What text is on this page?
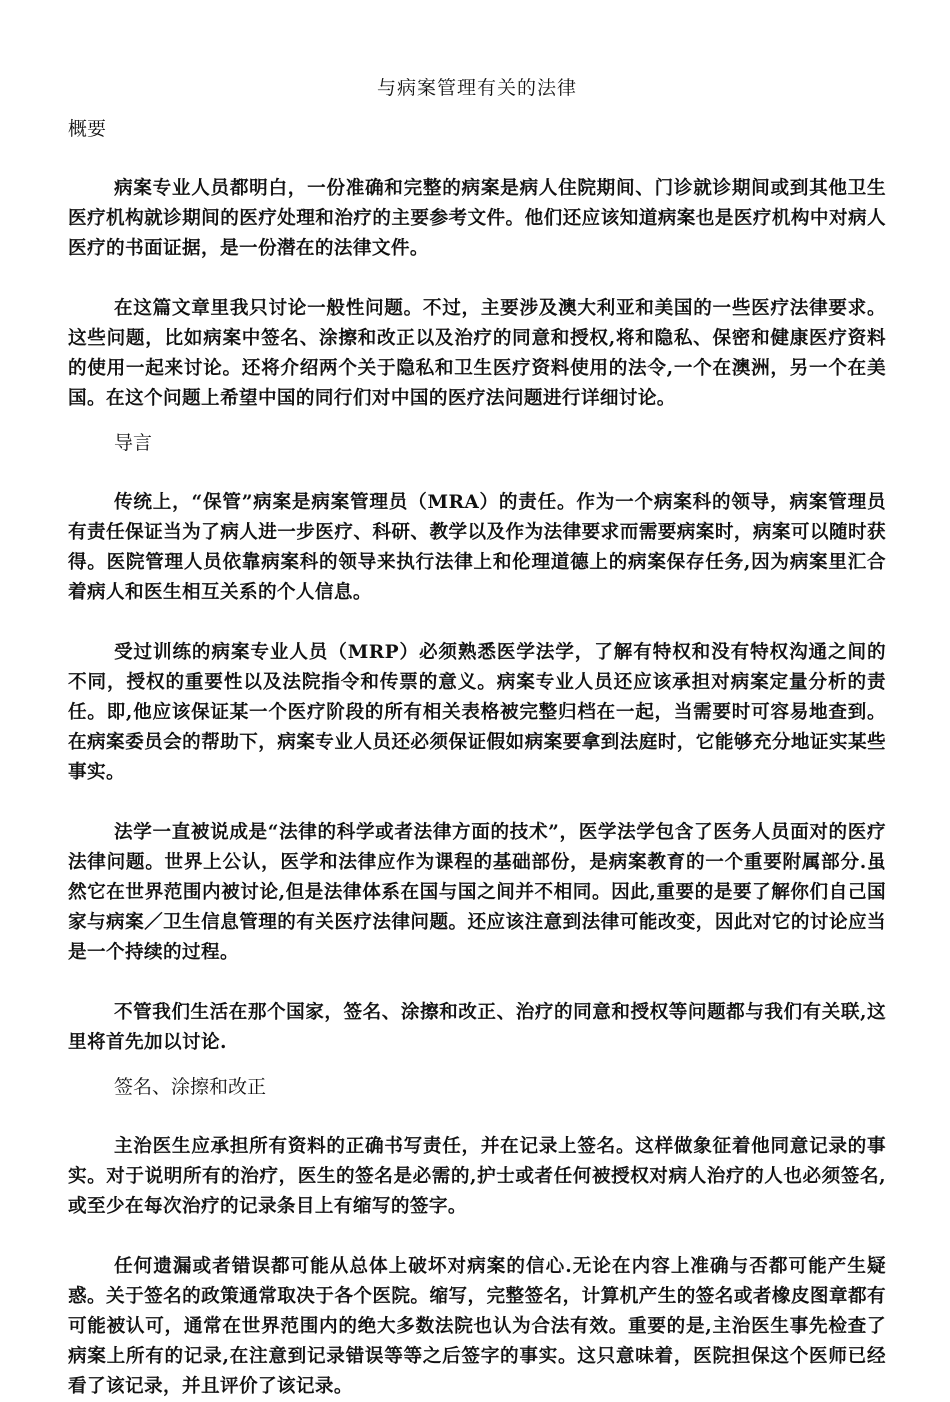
与病案管理有关的法律

概要

病案专业人员都明白，一份准确和完整的病案是病人住院期间、门诊就诊期间或到其他卫生医疗机构就诊期间的医疗处理和治疗的主要参考文件。他们还应该知道病案也是医疗机构中对病人医疗的书面证据，是一份潜在的法律文件。

在这篇文章里我只讨论一般性问题。不过，主要涉及澳大利亚和美国的一些医疗法律要求。这些问题，比如病案中签名、涂擦和改正以及治疗的同意和授权,将和隐私、保密和健康医疗资料的使用一起来讨论。还将介绍两个关于隐私和卫生医疗资料使用的法令,一个在澳洲，另一个在美国。在这个问题上希望中国的同行们对中国的医疗法问题进行详细讨论。

导言

传统上，“保管”病案是病案管理员（MRA）的责任。作为一个病案科的领导，病案管理员有责任保证当为了病人进一步医疗、科研、教学以及作为法律要求而需要病案时，病案可以随时获得。医院管理人员依靠病案科的领导来执行法律上和伦理道德上的病案保存任务,因为病案里汇合着病人和医生相互关系的个人信息。

受过训练的病案专业人员（MRP）必须熟悉医学法学，了解有特权和没有特权沟通之间的不同，授权的重要性以及法院指令和传票的意义。病案专业人员还应该承担对病案定量分析的责任。即,他应该保证某一个医疗阶段的所有相关表格被完整归档在一起，当需要时可容易地查到。在病案委员会的帮助下，病案专业人员还必须保证假如病案要拿到法庭时，它能够充分地证实某些事实。

法学一直被说成是“法律的科学或者法律方面的技术”，医学法学包含了医务人员面对的医疗法律问题。世界上公认，医学和法律应作为课程的基础部份，是病案教育的一个重要附属部分.虽然它在世界范围内被讨论,但是法律体系在国与国之间并不相同。因此,重要的是要了解你们自己国家与病案／卫生信息管理的有关医疗法律问题。还应该注意到法律可能改变，因此对它的讨论应当是一个持续的过程。

不管我们生活在那个国家，签名、涂擦和改正、治疗的同意和授权等问题都与我们有关联,这里将首先加以讨论.

签名、涂擦和改正

主治医生应承担所有资料的正确书写责任，并在记录上签名。这样做象征着他同意记录的事实。对于说明所有的治疗，医生的签名是必需的,护士或者任何被授权对病人治疗的人也必须签名,或至少在每次治疗的记录条目上有缩写的签字。

任何遗漏或者错误都可能从总体上破坏对病案的信心.无论在内容上准确与否都可能产生疑惑。关于签名的政策通常取决于各个医院。缩写，完整签名，计算机产生的签名或者橡皮图章都有可能被认可，通常在世界范围内的绝大多数法院也认为合法有效。重要的是,主治医生事先检查了病案上所有的记录,在注意到记录错误等等之后签字的事实。这只意味着，医院担保这个医师已经看了该记录，并且评价了该记录。
